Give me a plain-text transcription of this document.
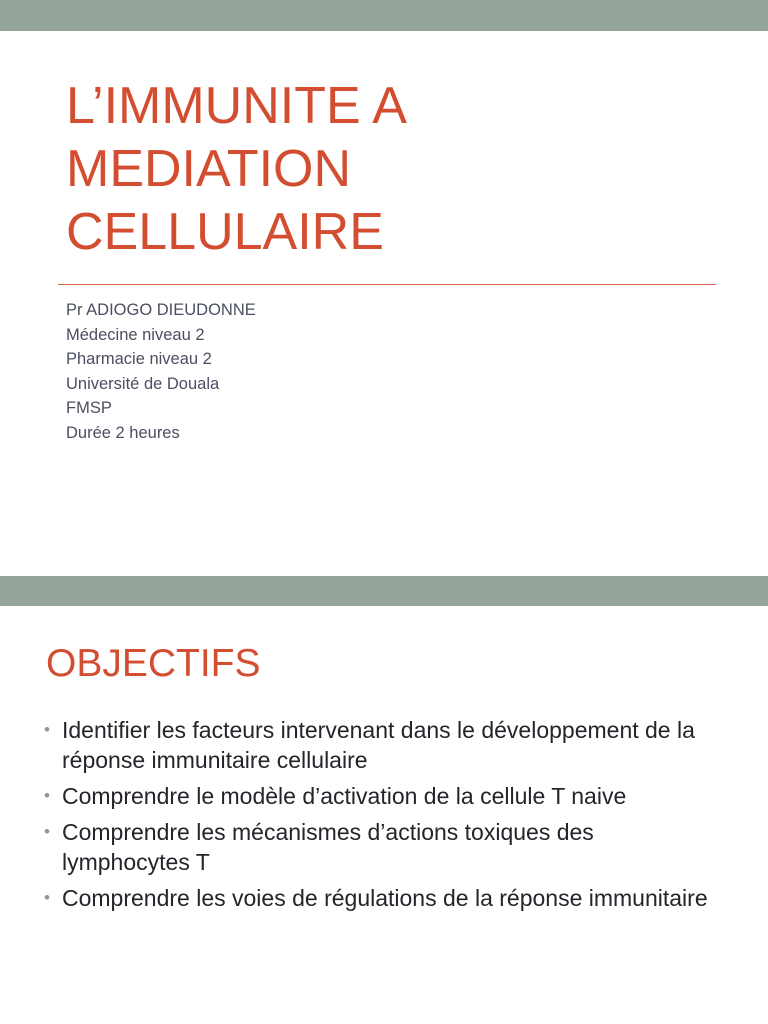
L’IMMUNITE A
MEDIATION
CELLULAIRE
Pr ADIOGO DIEUDONNE
Médecine niveau 2
Pharmacie niveau 2
Université de Douala
FMSP
Durée 2 heures
OBJECTIFS
• Identifier les facteurs intervenant dans le développement de la réponse immunitaire cellulaire
• Comprendre le modèle d’activation de la cellule T naive
• Comprendre les mécanismes d’actions toxiques des lymphocytes T
• Comprendre les voies de régulations de la réponse immunitaire
